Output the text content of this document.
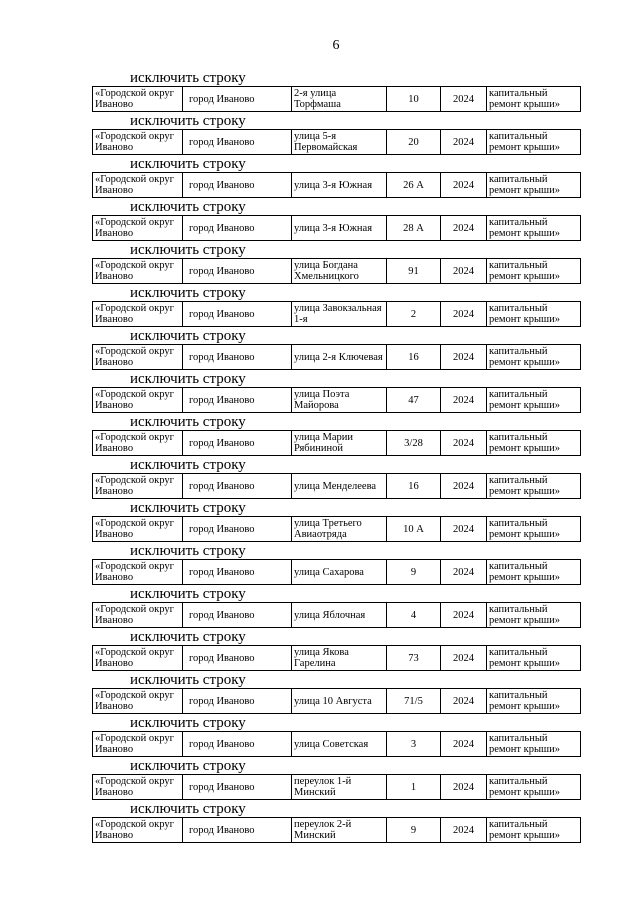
6
исключить строку
«Городской округ Иваново	город Иваново	2-я улица Торфмаша	10	2024	капитальный ремонт крыши»
исключить строку
«Городской округ Иваново	город Иваново	улица 5-я Первомайская	20	2024	капитальный ремонт крыши»
исключить строку
«Городской округ Иваново	город Иваново	улица 3-я Южная	26 А	2024	капитальный ремонт крыши»
исключить строку
«Городской округ Иваново	город Иваново	улица 3-я Южная	28 А	2024	капитальный ремонт крыши»
исключить строку
«Городской округ Иваново	город Иваново	улица Богдана Хмельницкого	91	2024	капитальный ремонт крыши»
исключить строку
«Городской округ Иваново	город Иваново	улица Завокзальная 1-я	2	2024	капитальный ремонт крыши»
исключить строку
«Городской округ Иваново	город Иваново	улица 2-я Ключевая	16	2024	капитальный ремонт крыши»
исключить строку
«Городской округ Иваново	город Иваново	улица Поэта Майорова	47	2024	капитальный ремонт крыши»
исключить строку
«Городской округ Иваново	город Иваново	улица Марии Рябининой	3/28	2024	капитальный ремонт крыши»
исключить строку
«Городской округ Иваново	город Иваново	улица Менделеева	16	2024	капитальный ремонт крыши»
исключить строку
«Городской округ Иваново	город Иваново	улица Третьего Авиаотряда	10 А	2024	капитальный ремонт крыши»
исключить строку
«Городской округ Иваново	город Иваново	улица Сахарова	9	2024	капитальный ремонт крыши»
исключить строку
«Городской округ Иваново	город Иваново	улица Яблочная	4	2024	капитальный ремонт крыши»
исключить строку
«Городской округ Иваново	город Иваново	улица Якова Гарелина	73	2024	капитальный ремонт крыши»
исключить строку
«Городской округ Иваново	город Иваново	улица 10 Августа	71/5	2024	капитальный ремонт крыши»
исключить строку
«Городской округ Иваново	город Иваново	улица Советская	3	2024	капитальный ремонт крыши»
исключить строку
«Городской округ Иваново	город Иваново	переулок 1-й Минский	1	2024	капитальный ремонт крыши»
исключить строку
«Городской округ Иваново	город Иваново	переулок 2-й Минский	9	2024	капитальный ремонт крыши»
